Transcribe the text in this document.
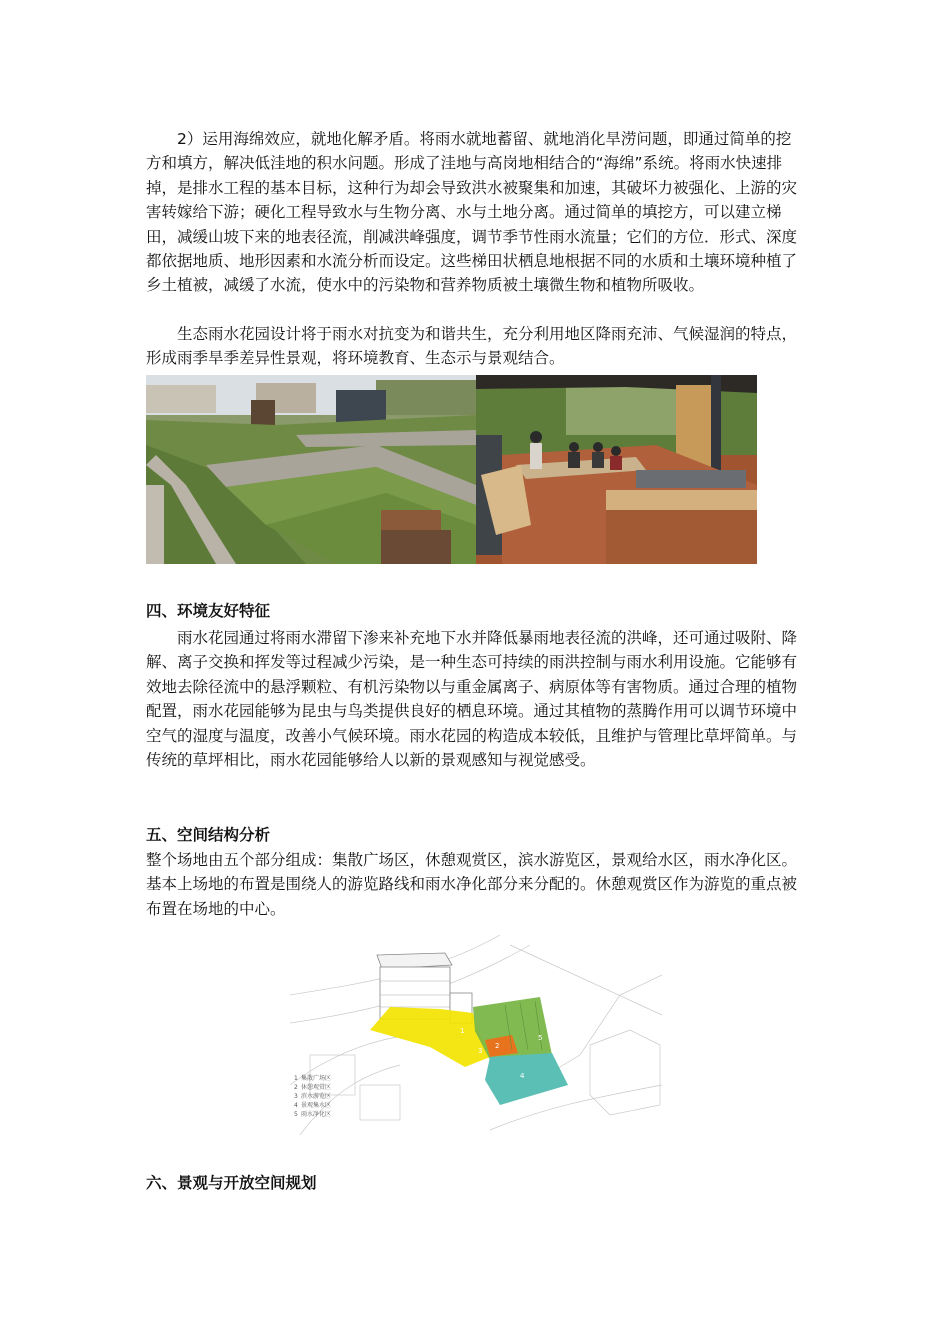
2）运用海绵效应，就地化解矛盾。将雨水就地蓄留、就地消化旱涝问题，即通过简单的挖方和填方，解决低洼地的积水问题。形成了洼地与高岗地相结合的“海绵”系统。将雨水快速排掉，是排水工程的基本目标，这种行为却会导致洪水被聚集和加速，其破坏力被强化、上游的灾害转嫁给下游；硬化工程导致水与生物分离、水与土地分离。通过简单的填挖方，可以建立梯田，减缓山坡下来的地表径流，削减洪峰强度，调节季节性雨水流量；它们的方位．形式、深度都依据地质、地形因素和水流分析而设定。这些梯田状栖息地根据不同的水质和土壤环境种植了乡土植被，减缓了水流，使水中的污染物和营养物质被土壤微生物和植物所吸收。

生态雨水花园设计将于雨水对抗变为和谐共生，充分利用地区降雨充沛、气候湿润的特点，形成雨季旱季差异性景观，将环境教育、生态示与景观结合。

四、环境友好特征

雨水花园通过将雨水滞留下渗来补充地下水并降低暴雨地表径流的洪峰，还可通过吸附、降解、离子交换和挥发等过程减少污染，是一种生态可持续的雨洪控制与雨水利用设施。它能够有效地去除径流中的悬浮颗粒、有机污染物以与重金属离子、病原体等有害物质。通过合理的植物配置，雨水花园能够为昆虫与鸟类提供良好的栖息环境。通过其植物的蒸腾作用可以调节环境中空气的湿度与温度，改善小气候环境。雨水花园的构造成本较低，且维护与管理比草坪简单。与传统的草坪相比，雨水花园能够给人以新的景观感知与视觉感受。

五、空间结构分析

整个场地由五个部分组成：集散广场区，休憩观赏区，滨水游览区，景观给水区，雨水净化区。基本上场地的布置是围绕人的游览路线和雨水净化部分来分配的。休憩观赏区作为游览的重点被布置在场地的中心。

1
2
3
4
5
1 集散广场区
2 休憩观赏区
3 滨水游览区
4 景观集水区
5 雨水净化区

六、景观与开放空间规划
